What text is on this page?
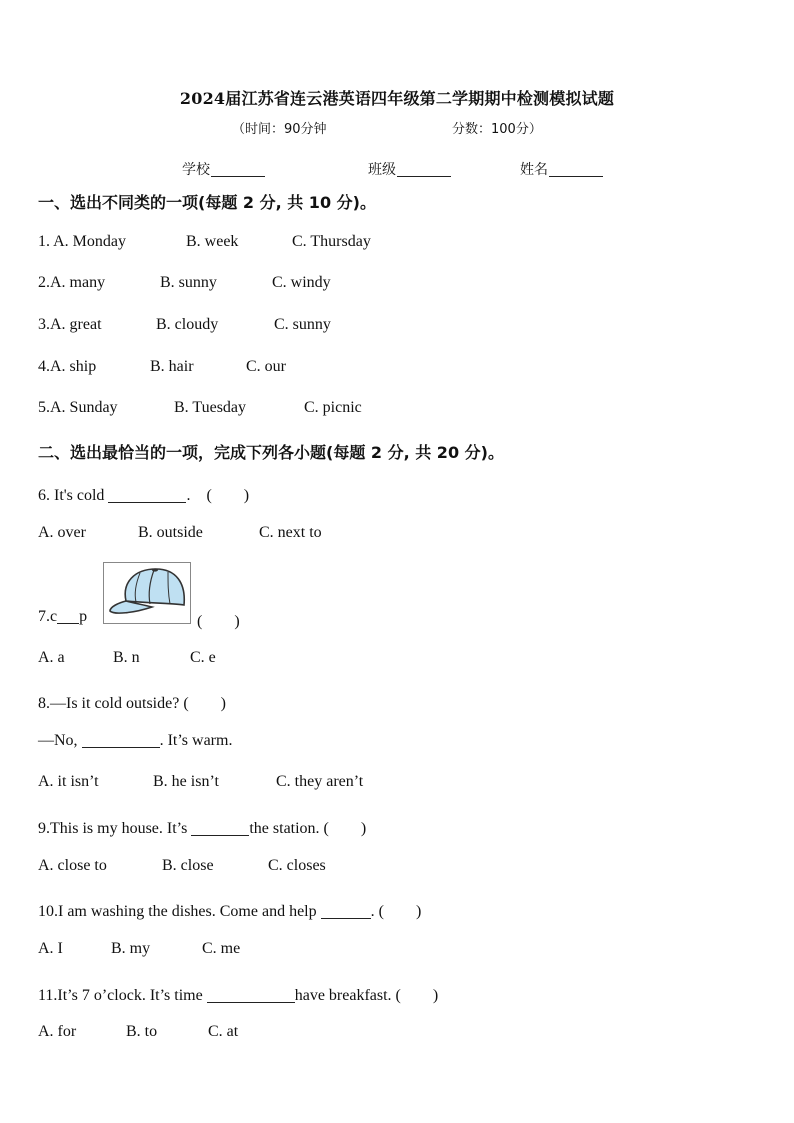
2024届江苏省连云港英语四年级第二学期期中检测模拟试题
（时间：90分钟	分数：100分）
学校	班级	姓名
一、选出不同类的一项(每题 2 分, 共 10 分)。
1. A. Monday	B. week	C. Thursday
2.A. many	B. sunny	C. windy
3.A. great	B. cloudy	C. sunny
4.A. ship	B. hair	C. our
5.A. Sunday	B. Tuesday	C. picnic
二、选出最恰当的一项，完成下列各小题(每题 2 分, 共 20 分)。
6. It's cold	. (　　)
A. over	B. outside	C. next to
7.c p	(　　)
A. a	B. n	C. e
8.—Is it cold outside? (　　)
—No,	. It’s warm.
A. it isn’t	B. he isn’t	C. they aren’t
9.This is my house. It’s	the station. (　　)
A. close to	B. close	C. closes
10.I am washing the dishes. Come and help	. (　　)
A. I	B. my	C. me
11.It’s 7 o’clock. It’s time	have breakfast. (　　)
A. for	B. to	C. at
